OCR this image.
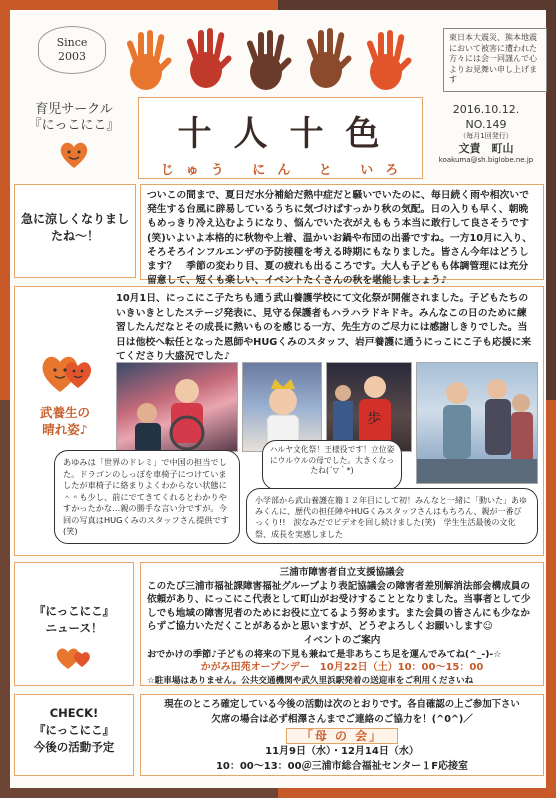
Since
2003
東日本大震災、熊本地震において被害に遭われた方々には会一同謹んで心よりお見舞い申し上げます
育児サークル
『にっこにこ』	十人十色
じゅう にん と いろ
2016.10.12.
NO.149
（毎月1回発行）
文責　町山
koakuma@sh.biglobe.ne.jp
急に涼しくなりましたね～！
ついこの間まで、夏日だ水分補給だ熱中症だと騒いでいたのに、毎日続く雨や相次いで発生する台風に辟易しているうちに気づけばすっかり秋の気配。日の入りも早く、朝晩もめっきり冷え込むようになり、悩んでいた衣がえももう本当に敢行して良さそうです(笑)いよいよ本格的に秋物や上着、温かいお鍋や布団の出番ですね。一方10月に入り、そろそろインフルエンザの予防接種を考える時期にもなりました。皆さん今年はどうします？　季節の変わり目、夏の疲れも出るころです。大人も子どもも体調管理には充分留意して、短くも楽しい、イベントたくさんの秋を堪能しましょう♪
10月1日、にっこにこ子たちも通う武山養護学校にて文化祭が開催されました。子どもたちのいきいきとしたステージ発表に、見守る保護者もハラハラドキドキ。みんなこの日のために練習したんだなとその成長に熱いものを感じる一方、先生方のご尽力には感謝しきりでした。当日は他校へ転任となった恩師やHUGくみのスタッフ、岩戸養護に通うにっこにこ子も応援に来てくださり大盛況でした♪
武養生の
晴れ姿♪
歩
あゆみは「世界のドレミ」で中国の担当でした。ドラゴンのしっぽを車椅子につけていましたが車椅子に絡まりよくわからない状態に＾＾も少し、前にでてきてくれるとわかりやすかったかな…親の勝手な言い分ですが。今回の写真はHUGくみのスタッフさん提供です(笑)
ハルヤ文化祭！王様役です！立位姿にウルウルの母でした。大きくなったね(´▽｀*)
小学部から武山養護在籍１２年目にして初！みんなと一緒に「動いた」あゆみくんに、歴代の担任陣やHUGくみスタッフさんはもちろん、親が一番びっくり!!　涙なみだでビデオを回し続けました(笑)　学生生活最後の文化祭、成長を実感しました
『にっこにこ』
ニュース！
三浦市障害者自立支援協議会
このたび三浦市福祉課障害福祉グループより表記協議会の障害者差別解消法部会構成員の依頼があり、にっこにこ代表として町山がお受けすることとなりました。当事者として少しでも地域の障害児者のためにお役に立てるよう努めます。また会員の皆さんにも少なからずご協力いただくことがあるかと思いますが、どうぞよろしくお願いします☺
イベントのご案内
おでかけの季節♪子どもの将来の下見も兼ねて是非あちこち足を運んでみてね(^_-)-☆
かがみ田苑オープンデー　10月22日（土）10：00～15：00
☆駐車場はありません。公共交通機関や武久里浜駅発着の送迎車をご利用くださいね
CHECK!
『にっこにこ』
今後の活動予定
現在のところ確定している今後の活動は次のとおりです。各自確認の上ご参加下さい
欠席の場合は必ず相澤さんまでご連絡のご協力を！(^0^)／
「母 の 会」
11月9日（水）・12月14日（水）
10：00～13：00＠三浦市総合福祉センター１F応接室
